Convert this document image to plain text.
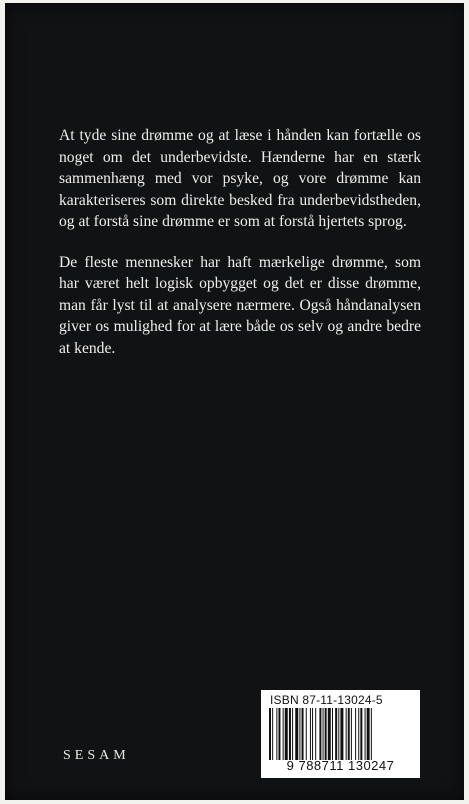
At tyde sine drømme og at læse i hånden kan fortælle os noget om det underbevidste. Hænderne har en stærk sammenhæng med vor psyke, og vore drømme kan karakteriseres som direkte besked fra underbevidstheden, og at forstå sine drømme er som at forstå hjertets sprog.

De fleste mennesker har haft mærkelige drømme, som har været helt logisk opbygget og det er disse drømme, man får lyst til at analysere nærmere. Også håndanalysen giver os mulighed for at lære både os selv og andre bedre at kende.

SESAM
ISBN 87-11-13024-5
9 788711 130247
